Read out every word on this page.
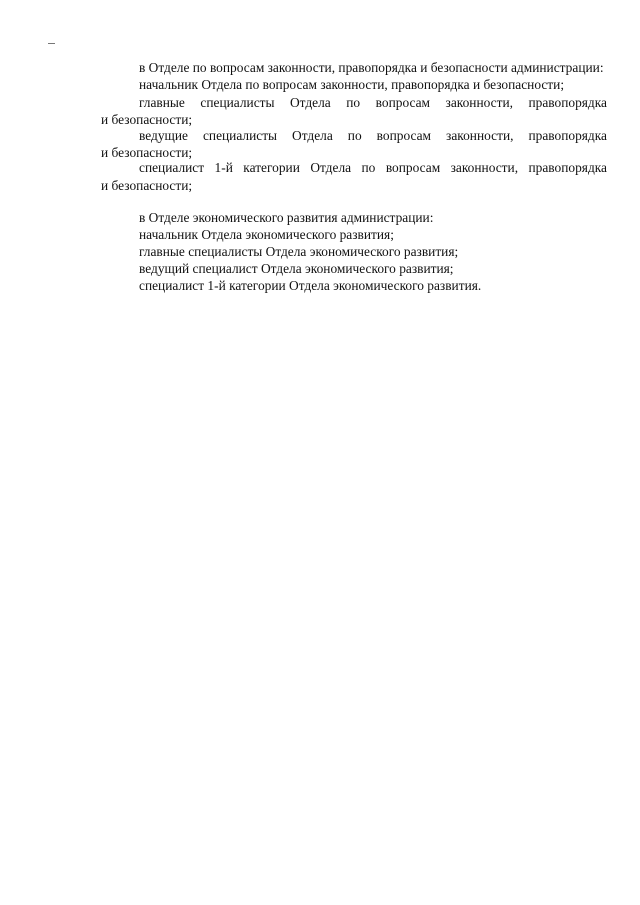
в Отделе по вопросам законности, правопорядка и безопасности администрации:
начальник Отдела по вопросам законности, правопорядка и безопасности;
главные специалисты Отдела по вопросам законности, правопорядка
и безопасности;
ведущие специалисты Отдела по вопросам законности, правопорядка
и безопасности;
специалист 1-й категории Отдела по вопросам законности, правопорядка
и безопасности;
в Отделе экономического развития администрации:
начальник Отдела экономического развития;
главные специалисты Отдела экономического развития;
ведущий специалист Отдела экономического развития;
специалист 1-й категории Отдела экономического развития.
